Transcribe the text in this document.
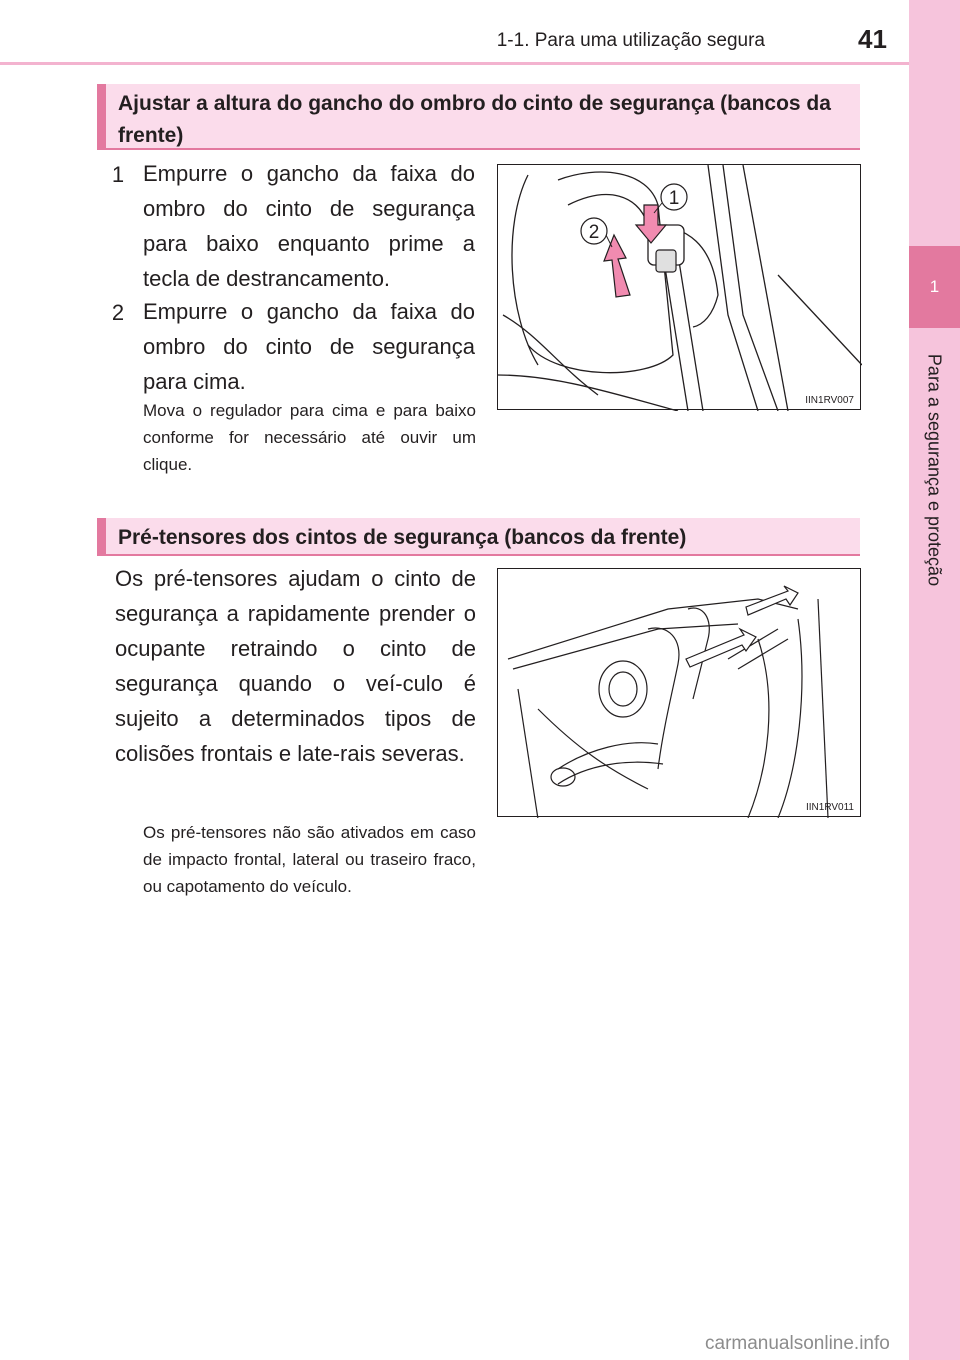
1
Para a segurança e proteção
1-1. Para uma utilização segura	41
Ajustar a altura do gancho do ombro do cinto de segurança (bancos da frente)
1 Empurre o gancho da faixa do ombro do cinto de segurança para baixo enquanto prime a tecla de destrancamento.
2 Empurre o gancho da faixa do ombro do cinto de segurança para cima.
Mova o regulador para cima e para baixo conforme for necessário até ouvir um clique.
1
2
IIN1RV007
Pré-tensores dos cintos de segurança (bancos da frente)
Os pré-tensores ajudam o cinto de segurança a rapidamente prender o ocupante retraindo o cinto de segurança quando o veí-culo é sujeito a determinados tipos de colisões frontais e late-rais severas.
Os pré-tensores não são ativados em caso de impacto frontal, lateral ou traseiro fraco, ou capotamento do veículo.
IIN1RV011
carmanualsonline.info
